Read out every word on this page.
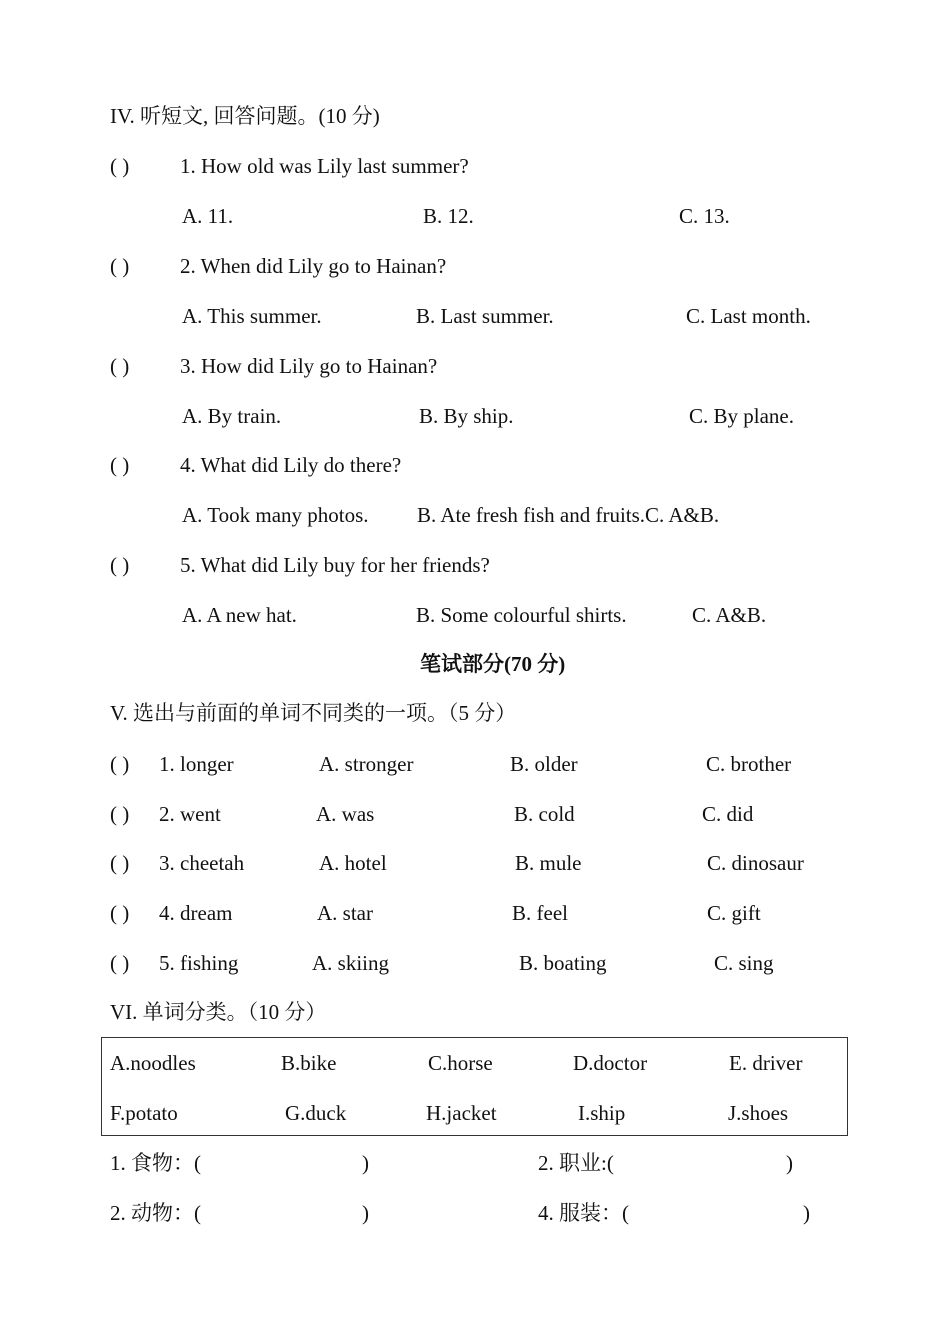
IV. 听短文, 回答问题。(10 分)
( ) 1. How old was Lily last summer?
A. 11.	B. 12.	C. 13.
( ) 2. When did Lily go to Hainan?
A. This summer.	B. Last summer.	C. Last month.
( ) 3. How did Lily go to Hainan?
A. By train.	B. By ship.	C. By plane.
( ) 4. What did Lily do there?
A. Took many photos. B. Ate fresh fish and fruits.C. A&B.
( ) 5. What did Lily buy for her friends?
A. A new hat.	B. Some colourful shirts.	C. A&B.
笔试部分(70 分)
V. 选出与前面的单词不同类的一项。（5 分）
( ) 1. longer	A. stronger	B. older	C. brother
( ) 2. went	A. was	B. cold	C. did
( ) 3. cheetah	A. hotel	B. mule	C. dinosaur
( ) 4. dream	A. star	B. feel	C. gift
( ) 5. fishing	A. skiing	B. boating	C. sing
VI. 单词分类。（10 分）
A.noodles	B.bike	C.horse	D.doctor	E. driver
F.potato	G.duck	H.jacket	I.ship	J.shoes
1. 食物：(	)	2. 职业:(	)
2. 动物：(	)	4. 服装：(	)
